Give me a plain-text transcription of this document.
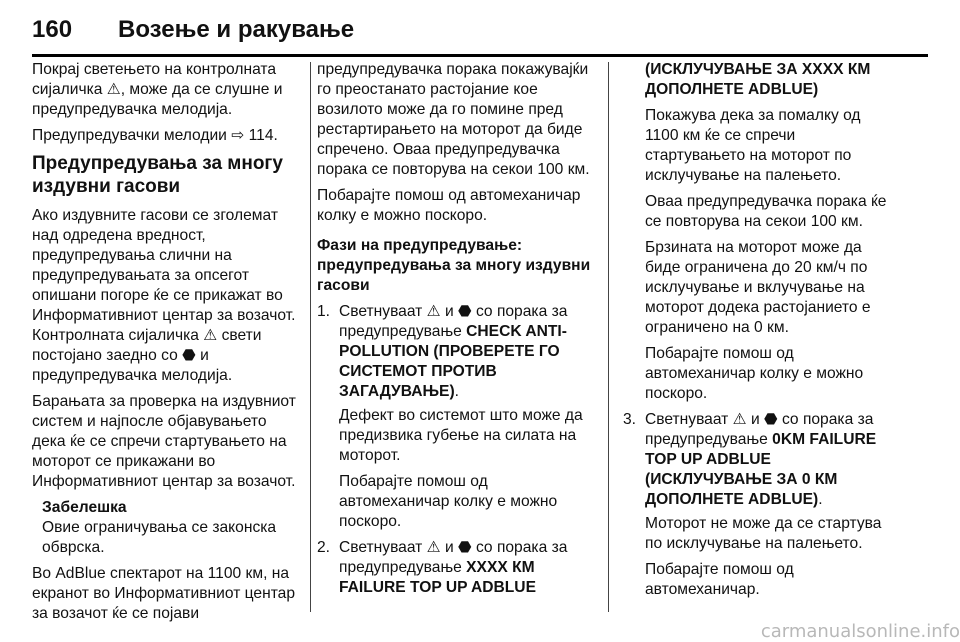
160 Возење и ракување

Покрај светењето на контролната сијаличка ⚠, може да се слушне и предупредувачка мелодија.

Предупредувачки мелодии ⇨ 114.

Предупредувања за многу издувни гасови

Ако издувните гасови се зголемат над одредена вредност, предупредувања слични на предупредувањата за опсегот опишани погоре ќе се прикажат во Информативниот центар за возачот. Контролната сијаличка ⚠ свети постојано заедно со ⬣ и предупредувачка мелодија.

Барањата за проверка на издувниот систем и најпосле објавувањето дека ќе се спречи стартувањето на моторот се прикажани во Информативниот центар за возачот.

Забелешка
Овие ограничувања се законска обврска.

Во AdBlue спектарот на 1100 км, на екранот во Информативниот центар за возачот ќе се појави

предупредувачка порака покажувајќи го преостанато растојание кое возилото може да го помине пред рестартирањето на моторот да биде спречено. Оваа предупредувачка порака се повторува на секои 100 км.

Побарајте помош од автомеханичар колку е можно поскоро.

Фази на предупредување: предупредувања за многу издувни гасови

1. Светнуваат ⚠ и ⬣ со порака за предупредување CHECK ANTI-POLLUTION (ПРОВЕРЕТЕ ГО СИСТЕМОТ ПРОТИВ ЗАГАДУВАЊЕ).

Дефект во системот што може да предизвика губење на силата на моторот.

Побарајте помош од автомеханичар колку е можно поскоро.

2. Светнуваат ⚠ и ⬣ со порака за предупредување XXXX КМ FAILURE TOP UP ADBLUE

(ИСКЛУЧУВАЊЕ ЗА XXXX КМ ДОПОЛНЕТЕ ADBLUE)

Покажува дека за помалку од 1100 км ќе се спречи стартувањето на моторот по исклучување на палењето.

Оваа предупредувачка порака ќе се повторува на секои 100 км.

Брзината на моторот може да биде ограничена до 20 км/ч по исклучување и вклучување на моторот додека растојанието е ограничено на 0 км.

Побарајте помош од автомеханичар колку е можно поскоро.

3. Светнуваат ⚠ и ⬣ со порака за предупредување 0KM FAILURE TOP UP ADBLUE (ИСКЛУЧУВАЊЕ ЗА 0 КМ ДОПОЛНЕТЕ ADBLUE).

Моторот не може да се стартува по исклучување на палењето.

Побарајте помош од автомеханичар.

carmanualsonline.info
